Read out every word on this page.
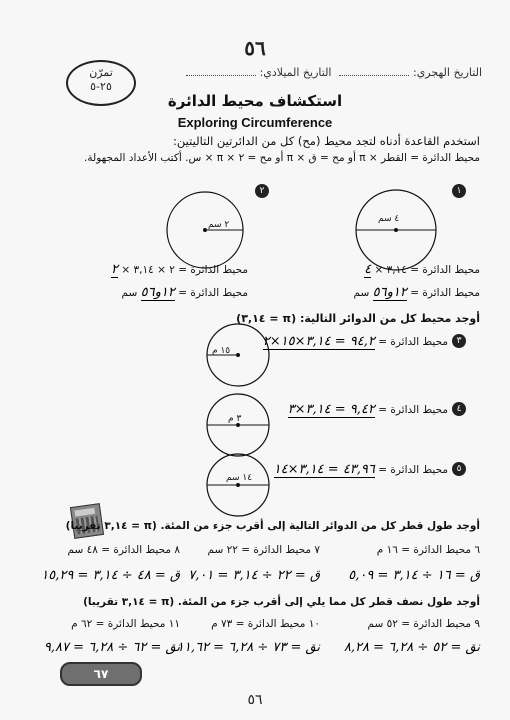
٥٦
التاريخ الهجري: التاريخ الميلادي:
تمرّن
٢٥-٥
استكشاف محيط الدائرة
Exploring Circumference
استخدم القاعدة أدناه لتجد محيط (مح) كل من الدائرتين التاليتين:
محيط الدائرة = القطر × π أو مح = ق × π أو مح = ٢ × π × س. أكتب الأعداد المجهولة.
١
٤ سم
٢
٢ سم
محيط الدائرة = ٣,١٤ × ٤
محيط الدائرة = ١٢و٥٦ سم
محيط الدائرة = ٢ × ٣,١٤ × ٢
محيط الدائرة = ١٢و٥٦ سم
أوجد محيط كل من الدوائر التالية: (π = ٣,١٤)
١٥ م
٣
محيط الدائرة = ٩٤,٢ = ٣,١٤×١٥×٢
٣ م
٤
محيط الدائرة = ٩,٤٢ = ٣,١٤×٣
١٤ سم
٥
محيط الدائرة = ٤٣,٩٦ = ٣,١٤×١٤
أوجد طول قطر كل من الدوائر التالية إلى أقرب جزء من المئة. (π = ٣,١٤ تقريبا)
٦ محيط الدائرة = ١٦ م
٧ محيط الدائرة = ٢٢ سم
٨ محيط الدائرة = ٤٨ سم
ق = ١٦ ÷ ٣,١٤ = ٥,٠٩
ق = ٢٢ ÷ ٣,١٤ = ٧,٠١
ق = ٤٨ ÷ ٣,١٤ = ١٥,٢٩
أوجد طول نصف قطر كل مما يلي إلى أقرب جزء من المئة. (π = ٣,١٤ تقريبا)
٩ محيط الدائرة = ٥٢ سم
١٠ محيط الدائرة = ٧٣ م
١١ محيط الدائرة = ٦٢ م
نق = ٥٢ ÷ ٦,٢٨ = ٨,٢٨
نق = ٧٣ ÷ ٦,٢٨ = ١١,٦٢
نق = ٦٢ ÷ ٦,٢٨ = ٩,٨٧
٦٧
٥٦
